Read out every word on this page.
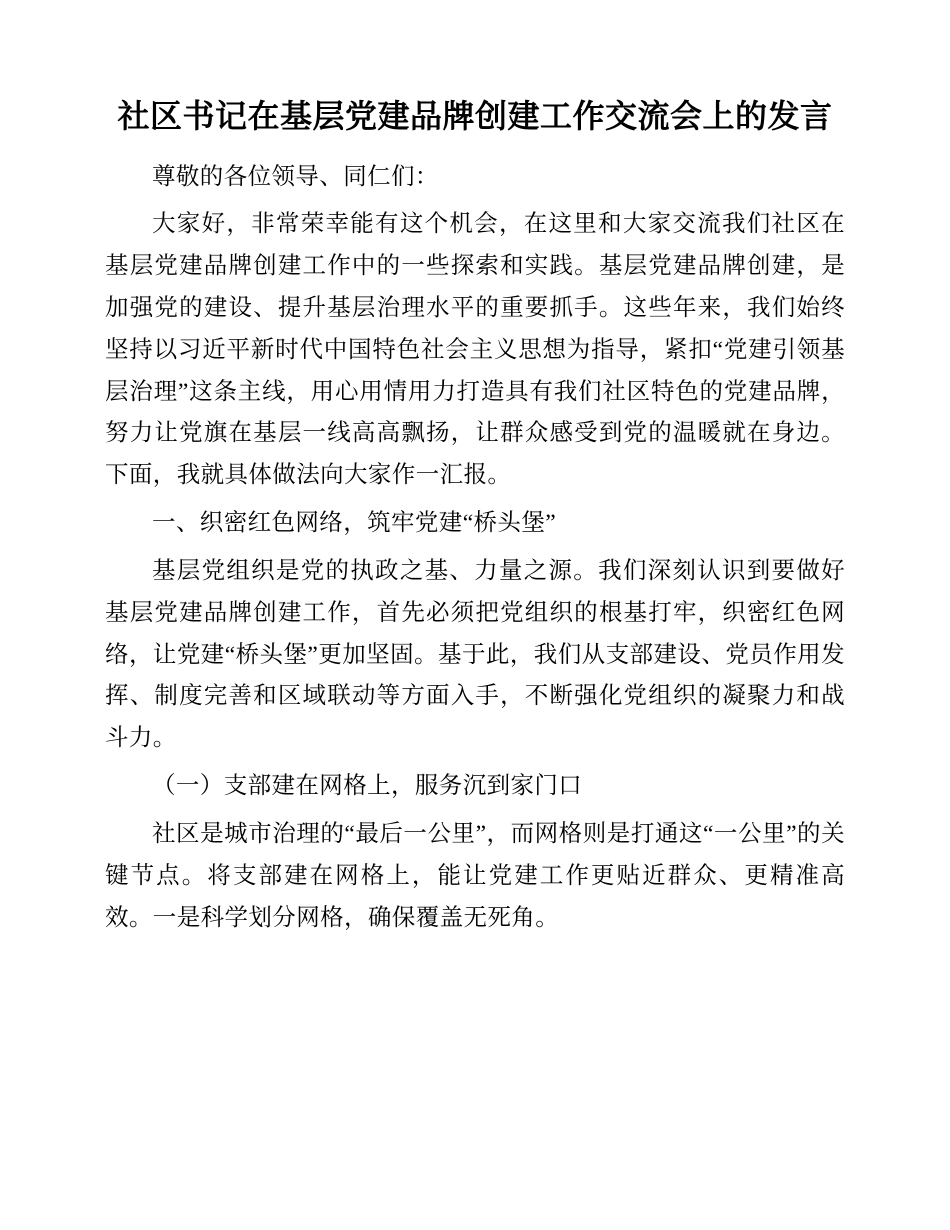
社区书记在基层党建品牌创建工作交流会上的发言

尊敬的各位领导、同仁们：

大家好，非常荣幸能有这个机会，在这里和大家交流我们社区在基层党建品牌创建工作中的一些探索和实践。基层党建品牌创建，是加强党的建设、提升基层治理水平的重要抓手。这些年来，我们始终坚持以习近平新时代中国特色社会主义思想为指导，紧扣“党建引领基层治理”这条主线，用心用情用力打造具有我们社区特色的党建品牌，努力让党旗在基层一线高高飘扬，让群众感受到党的温暖就在身边。下面，我就具体做法向大家作一汇报。

一、织密红色网络，筑牢党建“桥头堡”

基层党组织是党的执政之基、力量之源。我们深刻认识到要做好基层党建品牌创建工作，首先必须把党组织的根基打牢，织密红色网络，让党建“桥头堡”更加坚固。基于此，我们从支部建设、党员作用发挥、制度完善和区域联动等方面入手，不断强化党组织的凝聚力和战斗力。

（一）支部建在网格上，服务沉到家门口

社区是城市治理的“最后一公里”，而网格则是打通这“一公里”的关键节点。将支部建在网格上，能让党建工作更贴近群众、更精准高效。一是科学划分网格，确保覆盖无死角。
